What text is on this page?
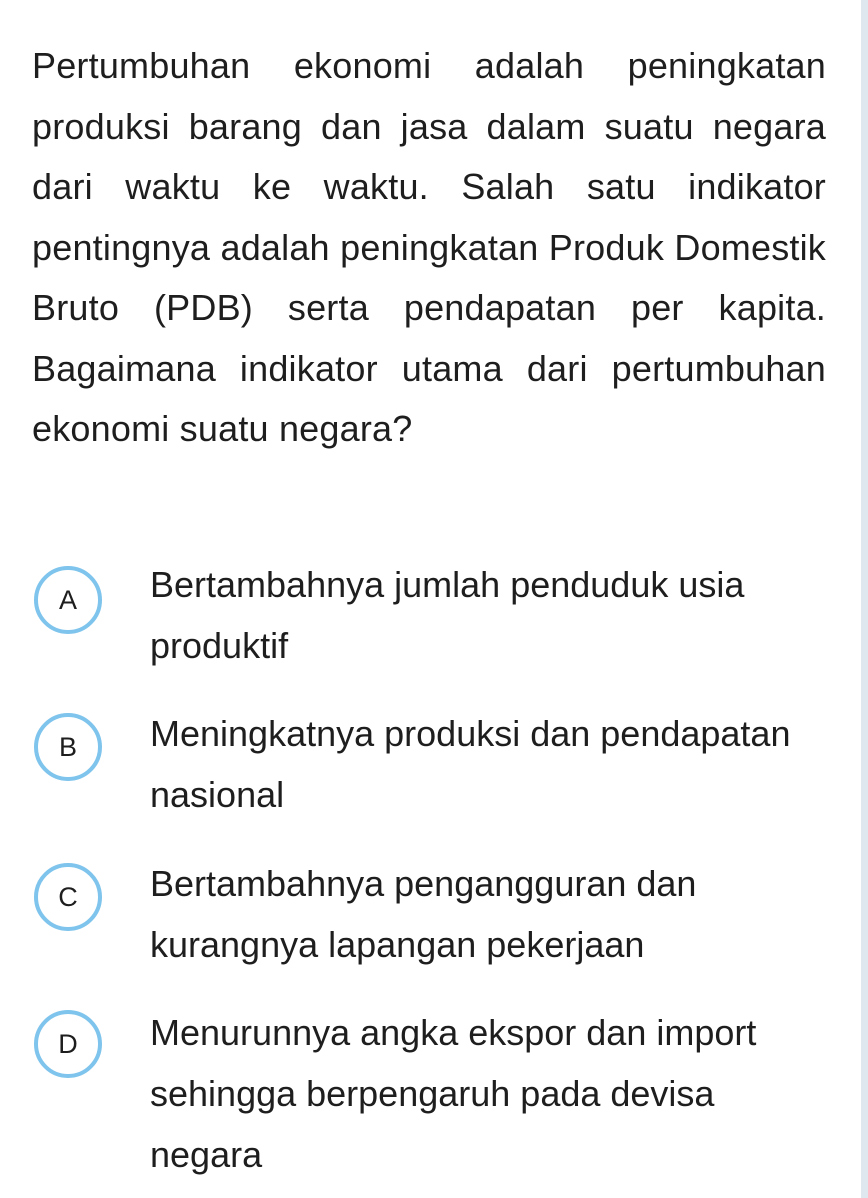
Pertumbuhan ekonomi adalah peningkatan produksi barang dan jasa dalam suatu negara dari waktu ke waktu. Salah satu indikator pentingnya adalah peningkatan Produk Domestik Bruto (PDB) serta pendapatan per kapita. Bagaimana indikator utama dari pertumbuhan ekonomi suatu negara?

A	Bertambahnya jumlah penduduk usia produktif
B	Meningkatnya produksi dan pendapatan nasional
C	Bertambahnya pengangguran dan kurangnya lapangan pekerjaan
D	Menurunnya angka ekspor dan import sehingga berpengaruh pada devisa negara
